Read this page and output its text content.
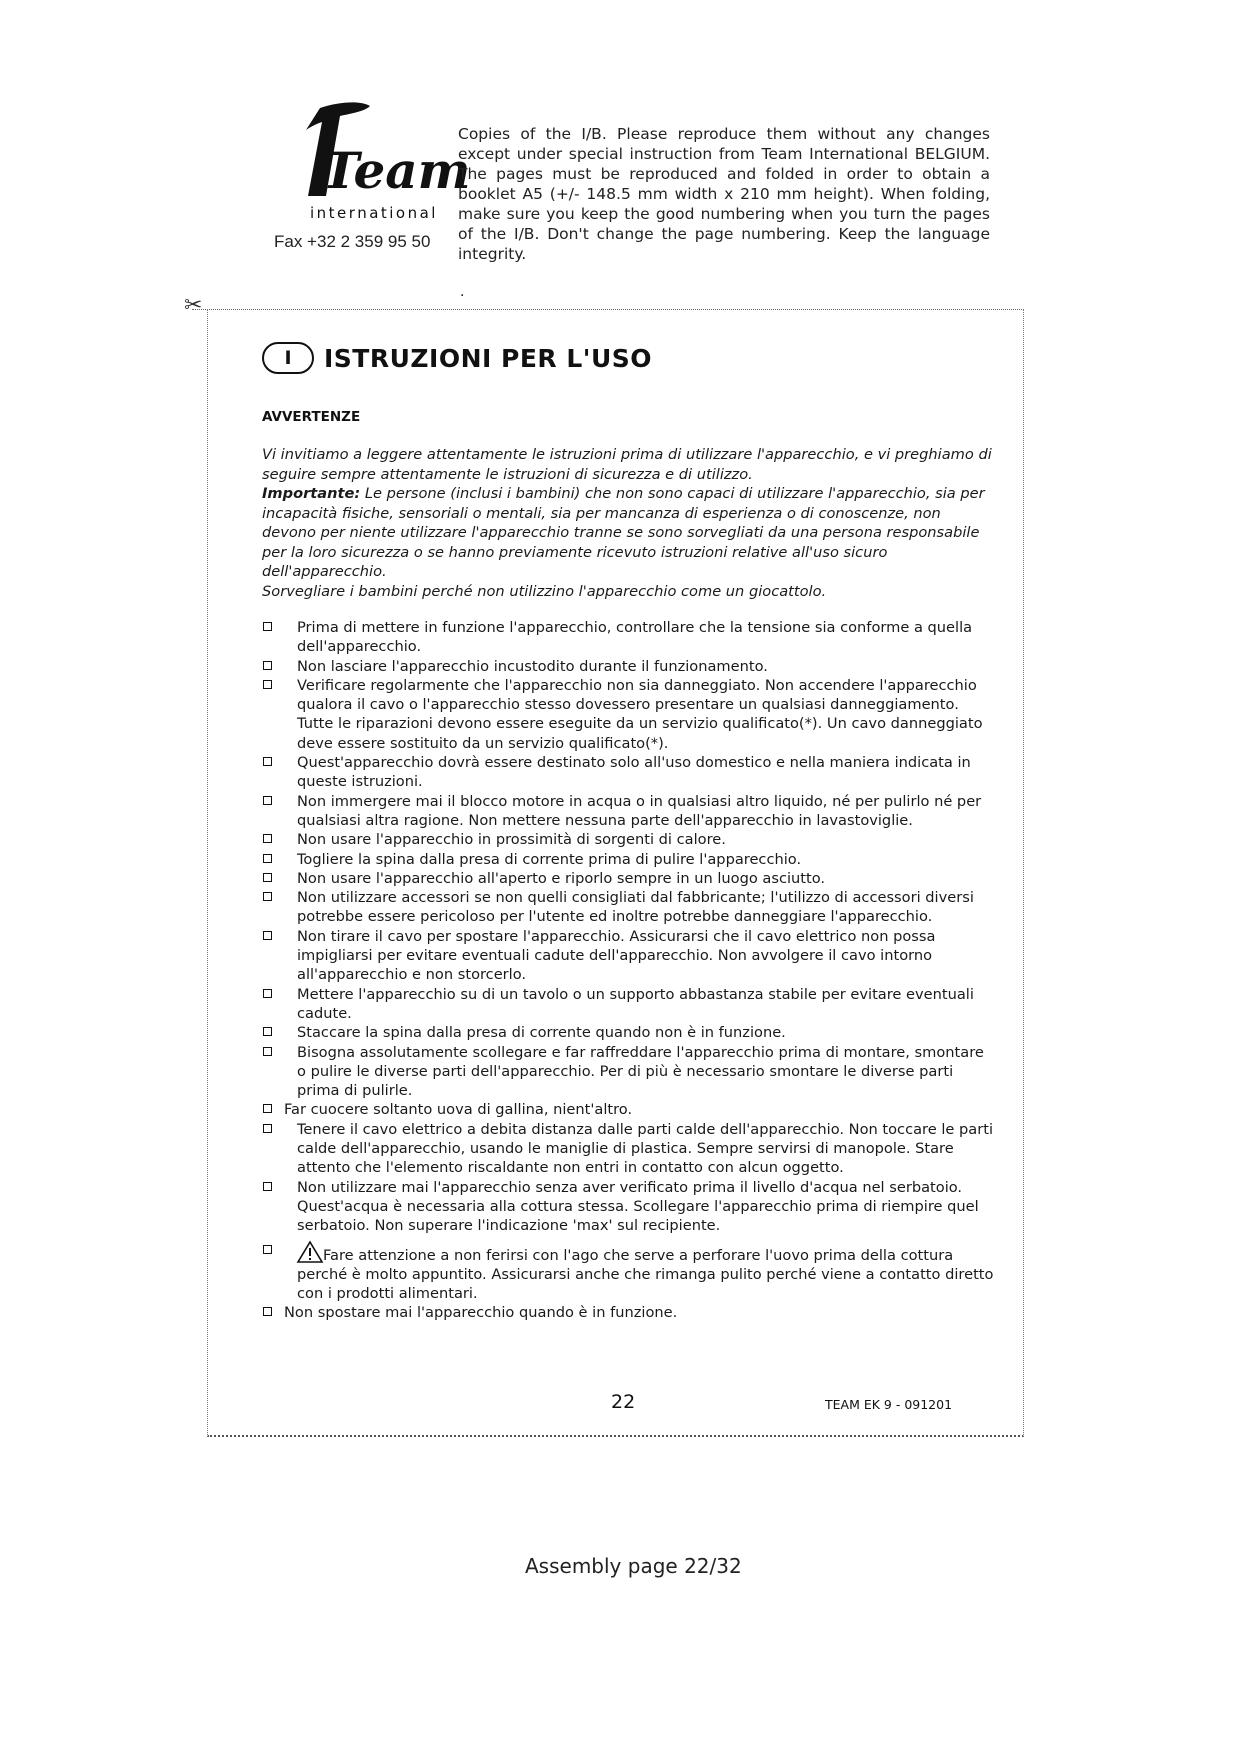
Team
international
Fax +32 2 359 95 50
Copies of the I/B. Please reproduce them without any changes except under special instruction from Team International BELGIUM. The pages must be reproduced and folded in order to obtain a booklet A5 (+/- 148.5 mm width x 210 mm height). When folding, make sure you keep the good numbering when you turn the pages of the I/B. Don't change the page numbering. Keep the language integrity.
.
✂
I	ISTRUZIONI PER L'USO
AVVERTENZE

Vi invitiamo a leggere attentamente le istruzioni prima di utilizzare l'apparecchio, e vi preghiamo di seguire sempre attentamente le istruzioni di sicurezza e di utilizzo.

Importante: Le persone (inclusi i bambini) che non sono capaci di utilizzare l'apparecchio, sia per incapacità fisiche, sensoriali o mentali, sia per mancanza di esperienza o di conoscenze, non devono per niente utilizzare l'apparecchio tranne se sono sorvegliati da una persona responsabile per la loro sicurezza o se hanno previamente ricevuto istruzioni relative all'uso sicuro dell'apparecchio.

Sorvegliare i bambini perché non utilizzino l'apparecchio come un giocattolo.

Prima di mettere in funzione l'apparecchio, controllare che la tensione sia conforme a quella dell'apparecchio.
Non lasciare l'apparecchio incustodito durante il funzionamento.
Verificare regolarmente che l'apparecchio non sia danneggiato. Non accendere l'apparecchio qualora il cavo o l'apparecchio stesso dovessero presentare un qualsiasi danneggiamento. Tutte le riparazioni devono essere eseguite da un servizio qualificato(*). Un cavo danneggiato deve essere sostituito da un servizio qualificato(*).
Quest'apparecchio dovrà essere destinato solo all'uso domestico e nella maniera indicata in queste istruzioni.
Non immergere mai il blocco motore in acqua o in qualsiasi altro liquido, né per pulirlo né per qualsiasi altra ragione. Non mettere nessuna parte dell'apparecchio in lavastoviglie.
Non usare l'apparecchio in prossimità di sorgenti di calore.
Togliere la spina dalla presa di corrente prima di pulire l'apparecchio.
Non usare l'apparecchio all'aperto e riporlo sempre in un luogo asciutto.
Non utilizzare accessori se non quelli consigliati dal fabbricante; l'utilizzo di accessori diversi potrebbe essere pericoloso per l'utente ed inoltre potrebbe danneggiare l'apparecchio.
Non tirare il cavo per spostare l'apparecchio. Assicurarsi che il cavo elettrico non possa impigliarsi per evitare eventuali cadute dell'apparecchio. Non avvolgere il cavo intorno all'apparecchio e non storcerlo.
Mettere l'apparecchio su di un tavolo o un supporto abbastanza stabile per evitare eventuali cadute.
Staccare la spina dalla presa di corrente quando non è in funzione.
Bisogna assolutamente scollegare e far raffreddare l'apparecchio prima di montare, smontare o pulire le diverse parti dell'apparecchio. Per di più è necessario smontare le diverse parti prima di pulirle.
Far cuocere soltanto uova di gallina, nient'altro.
Tenere il cavo elettrico a debita distanza dalle parti calde dell'apparecchio. Non toccare le parti calde dell'apparecchio, usando le maniglie di plastica. Sempre servirsi di manopole. Stare attento che l'elemento riscaldante non entri in contatto con alcun oggetto.
Non utilizzare mai l'apparecchio senza aver verificato prima il livello d'acqua nel serbatoio. Quest'acqua è necessaria alla cottura stessa. Scollegare l'apparecchio prima di riempire quel serbatoio. Non superare l'indicazione 'max' sul recipiente.
Fare attenzione a non ferirsi con l'ago che serve a perforare l'uovo prima della cottura perché è molto appuntito. Assicurarsi anche che rimanga pulito perché viene a contatto diretto con i prodotti alimentari.
Non spostare mai l'apparecchio quando è in funzione.
22	TEAM EK 9 - 091201
Assembly page 22/32
